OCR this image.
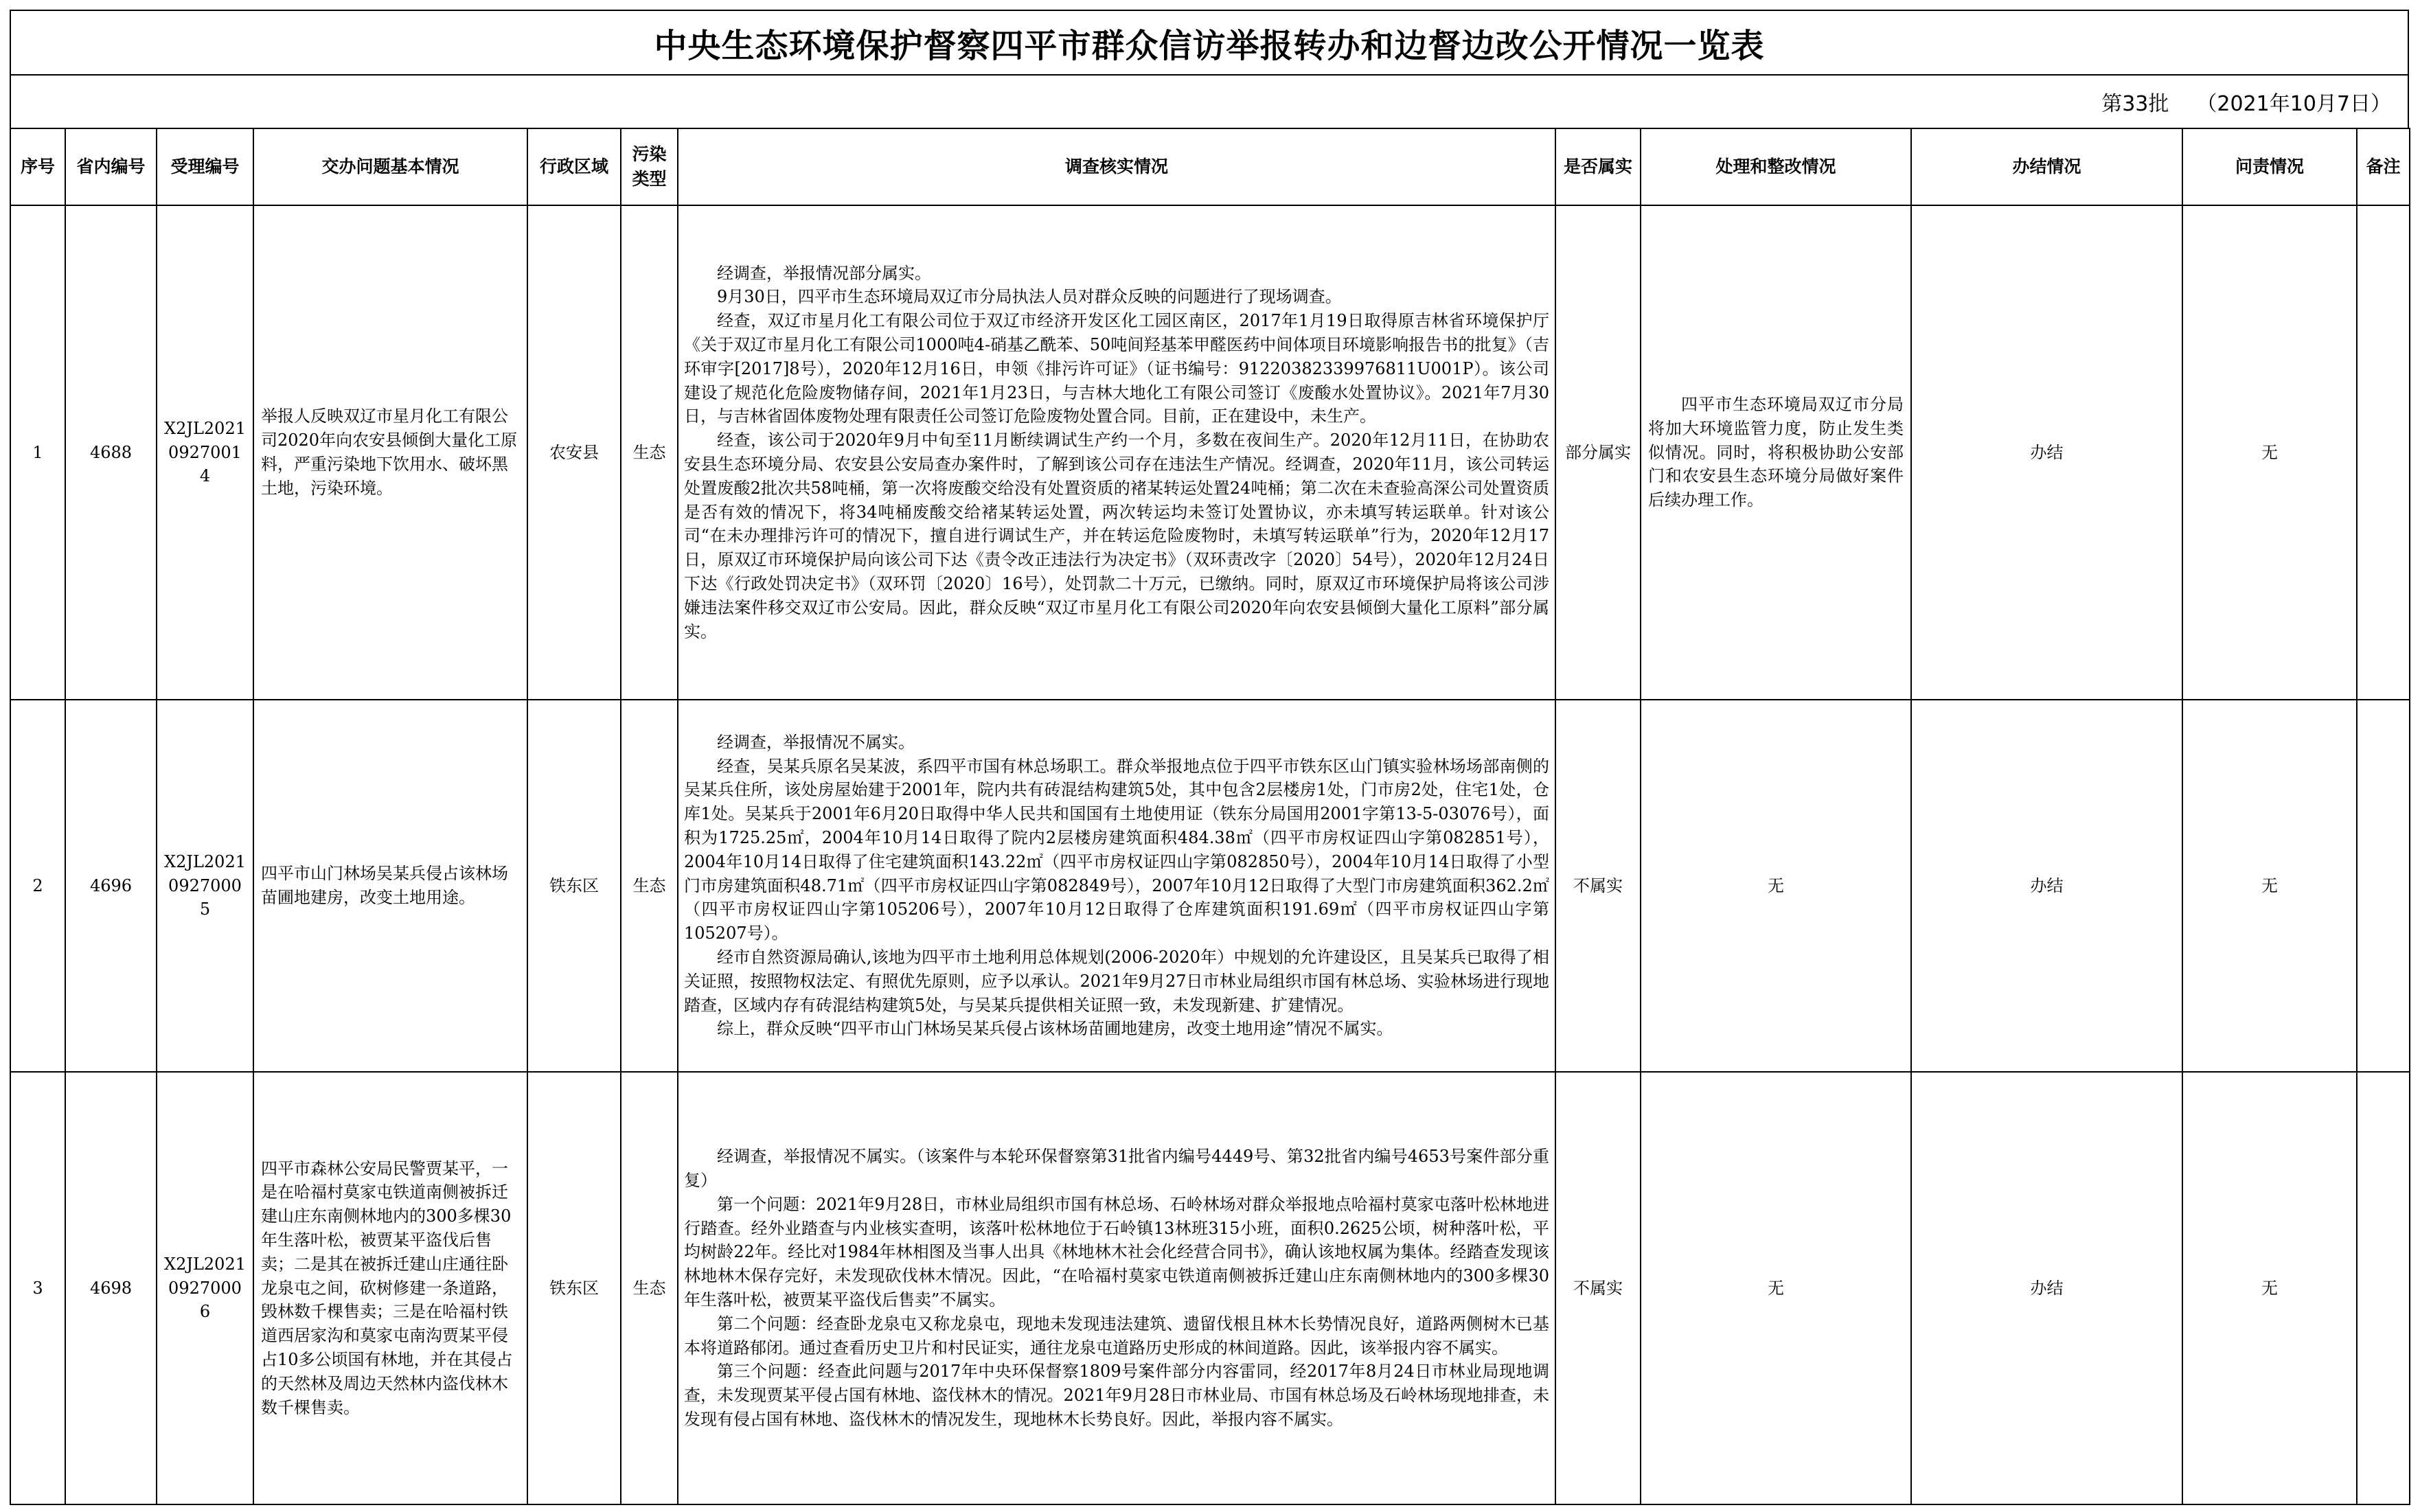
中央生态环境保护督察四平市群众信访举报转办和边督边改公开情况一览表
第33批 （2021年10月7日）
序号	省内编号	受理编号	交办问题基本情况	行政区域	污染类型	调查核实情况	是否属实	处理和整改情况	办结情况	问责情况	备注
1	4688	X2JL202109270014	举报人反映双辽市星月化工有限公司2020年向农安县倾倒大量化工原料，严重污染地下饮用水、破坏黑土地，污染环境。	农安县	生态	经调查，举报情况部分属实。

9月30日，四平市生态环境局双辽市分局执法人员对群众反映的问题进行了现场调查。

经查，双辽市星月化工有限公司位于双辽市经济开发区化工园区南区，2017年1月19日取得原吉林省环境保护厅《关于双辽市星月化工有限公司1000吨4-硝基乙酰苯、50吨间羟基苯甲醛医药中间体项目环境影响报告书的批复》（吉环审字[2017]8号），2020年12月16日，申领《排污许可证》（证书编号：91220382339976811U001P）。该公司建设了规范化危险废物储存间，2021年1月23日，与吉林大地化工有限公司签订《废酸水处置协议》。2021年7月30日，与吉林省固体废物处理有限责任公司签订危险废物处置合同。目前，正在建设中，未生产。

经查，该公司于2020年9月中旬至11月断续调试生产约一个月，多数在夜间生产。2020年12月11日，在协助农安县生态环境分局、农安县公安局查办案件时，了解到该公司存在违法生产情况。经调查，2020年11月，该公司转运处置废酸2批次共58吨桶，第一次将废酸交给没有处置资质的褚某转运处置24吨桶；第二次在未查验高深公司处置资质是否有效的情况下，将34吨桶废酸交给褚某转运处置，两次转运均未签订处置协议，亦未填写转运联单。针对该公司“在未办理排污许可的情况下，擅自进行调试生产，并在转运危险废物时，未填写转运联单”行为，2020年12月17日，原双辽市环境保护局向该公司下达《责令改正违法行为决定书》（双环责改字〔2020〕54号），2020年12月24日下达《行政处罚决定书》（双环罚〔2020〕16号），处罚款二十万元，已缴纳。同时，原双辽市环境保护局将该公司涉嫌违法案件移交双辽市公安局。因此，群众反映“双辽市星月化工有限公司2020年向农安县倾倒大量化工原料”部分属实。	部分属实	四平市生态环境局双辽市分局将加大环境监管力度，防止发生类似情况。同时，将积极协助公安部门和农安县生态环境分局做好案件后续办理工作。	办结	无	
2	4696	X2JL202109270005	四平市山门林场吴某兵侵占该林场苗圃地建房，改变土地用途。	铁东区	生态	经调查，举报情况不属实。

经查，吴某兵原名吴某波，系四平市国有林总场职工。群众举报地点位于四平市铁东区山门镇实验林场场部南侧的吴某兵住所，该处房屋始建于2001年，院内共有砖混结构建筑5处，其中包含2层楼房1处，门市房2处，住宅1处，仓库1处。吴某兵于2001年6月20日取得中华人民共和国国有土地使用证（铁东分局国用2001字第13-5-03076号），面积为1725.25㎡，2004年10月14日取得了院内2层楼房建筑面积484.38㎡（四平市房权证四山字第082851号），2004年10月14日取得了住宅建筑面积143.22㎡（四平市房权证四山字第082850号），2004年10月14日取得了小型门市房建筑面积48.71㎡（四平市房权证四山字第082849号），2007年10月12日取得了大型门市房建筑面积362.2㎡（四平市房权证四山字第105206号），2007年10月12日取得了仓库建筑面积191.69㎡（四平市房权证四山字第105207号）。

经市自然资源局确认,该地为四平市土地利用总体规划(2006-2020年）中规划的允许建设区，且吴某兵已取得了相关证照，按照物权法定、有照优先原则，应予以承认。2021年9月27日市林业局组织市国有林总场、实验林场进行现地踏查，区域内存有砖混结构建筑5处，与吴某兵提供相关证照一致，未发现新建、扩建情况。

综上，群众反映“四平市山门林场吴某兵侵占该林场苗圃地建房，改变土地用途”情况不属实。	不属实	无	办结	无	
3	4698	X2JL202109270006	四平市森林公安局民警贾某平，一是在哈福村莫家屯铁道南侧被拆迁建山庄东南侧林地内的300多棵30年生落叶松，被贾某平盗伐后售卖；二是其在被拆迁建山庄通往卧龙泉屯之间，砍树修建一条道路，毁林数千棵售卖；三是在哈福村铁道西居家沟和莫家屯南沟贾某平侵占10多公顷国有林地，并在其侵占的天然林及周边天然林内盗伐林木数千棵售卖。	铁东区	生态	经调查，举报情况不属实。（该案件与本轮环保督察第31批省内编号4449号、第32批省内编号4653号案件部分重复）

第一个问题：2021年9月28日，市林业局组织市国有林总场、石岭林场对群众举报地点哈福村莫家屯落叶松林地进行踏查。经外业踏查与内业核实查明，该落叶松林地位于石岭镇13林班315小班，面积0.2625公顷，树种落叶松，平均树龄22年。经比对1984年林相图及当事人出具《林地林木社会化经营合同书》，确认该地权属为集体。经踏查发现该林地林木保存完好，未发现砍伐林木情况。因此，“在哈福村莫家屯铁道南侧被拆迁建山庄东南侧林地内的300多棵30年生落叶松，被贾某平盗伐后售卖”不属实。

第二个问题：经查卧龙泉屯又称龙泉屯，现地未发现违法建筑、遗留伐根且林木长势情况良好，道路两侧树木已基本将道路郁闭。通过查看历史卫片和村民证实，通往龙泉屯道路历史形成的林间道路。因此，该举报内容不属实。

第三个问题：经查此问题与2017年中央环保督察1809号案件部分内容雷同，经2017年8月24日市林业局现地调查，未发现贾某平侵占国有林地、盗伐林木的情况。2021年9月28日市林业局、市国有林总场及石岭林场现地排查，未发现有侵占国有林地、盗伐林木的情况发生，现地林木长势良好。因此，举报内容不属实。	不属实	无	办结	无	
